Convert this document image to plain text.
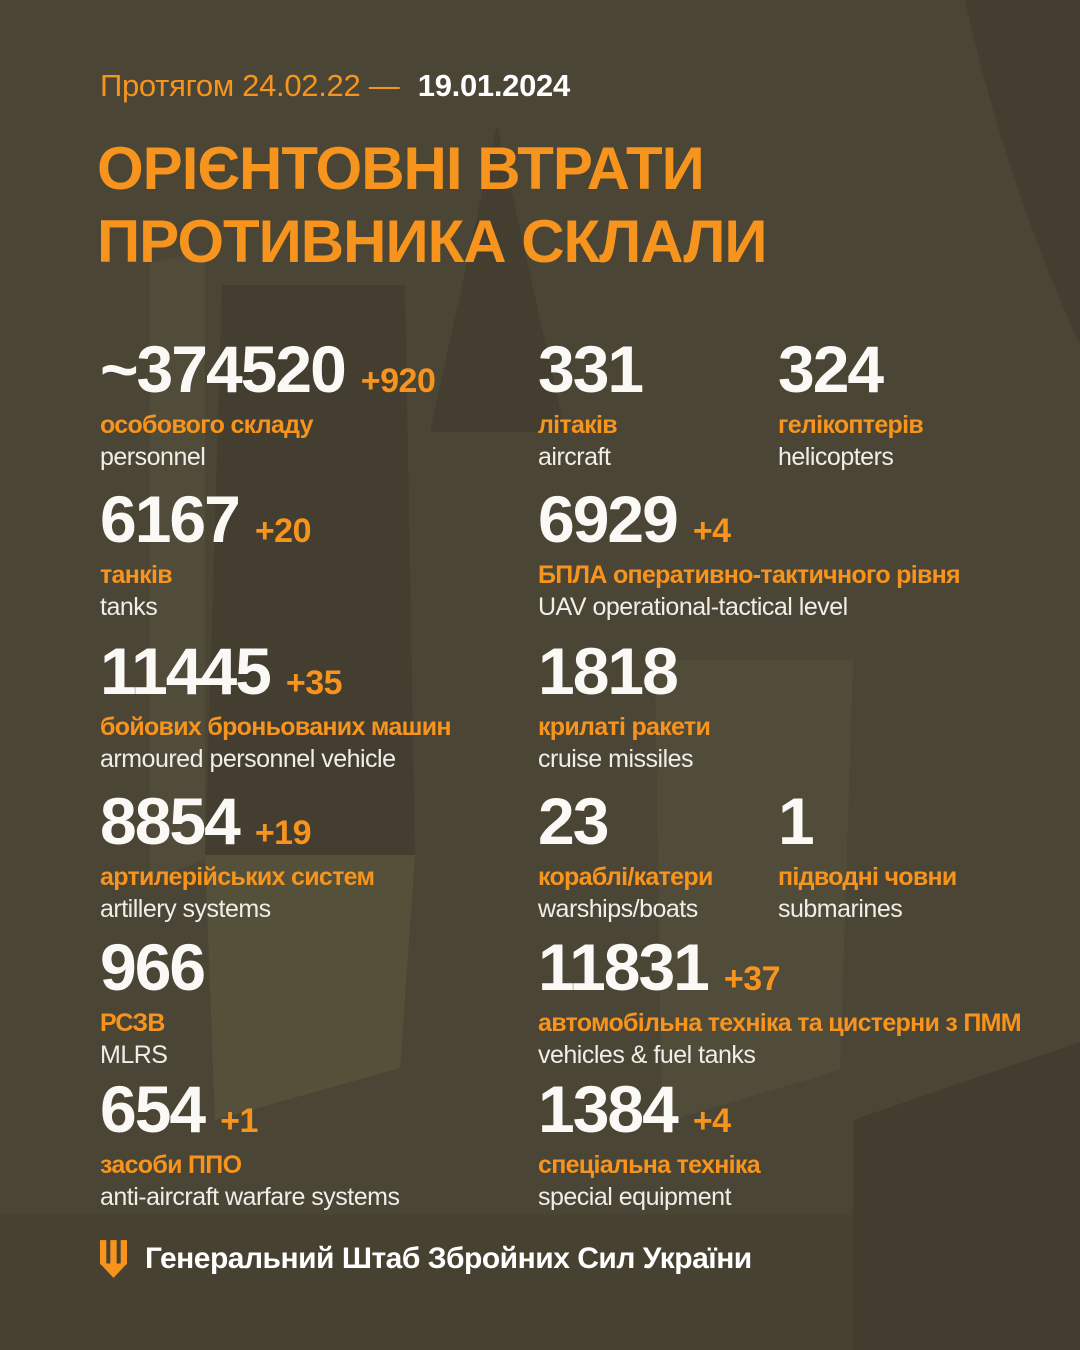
Протягом 24.02.22 — 19.01.2024
ОРІЄНТОВНІ ВТРАТИ
ПРОТИВНИКА СКЛАЛИ
~374520 +920
особового складу
personnel
331
літаків
aircraft
324
гелікоптерів
helicopters
6167 +20
танків
tanks
6929 +4
БПЛА оперативно-тактичного рівня
UAV operational-tactical level
11445 +35
бойових броньованих машин
armoured personnel vehicle
1818
крилаті ракети
cruise missiles
8854 +19
артилерійських систем
artillery systems
23
кораблі/катери
warships/boats
1
підводні човни
submarines
966
РСЗВ
MLRS
11831 +37
автомобільна техніка та цистерни з ПММ
vehicles & fuel tanks
654 +1
засоби ППО
anti-aircraft warfare systems
1384 +4
спеціальна техніка
special equipment
Генеральний Штаб Збройних Сил України
